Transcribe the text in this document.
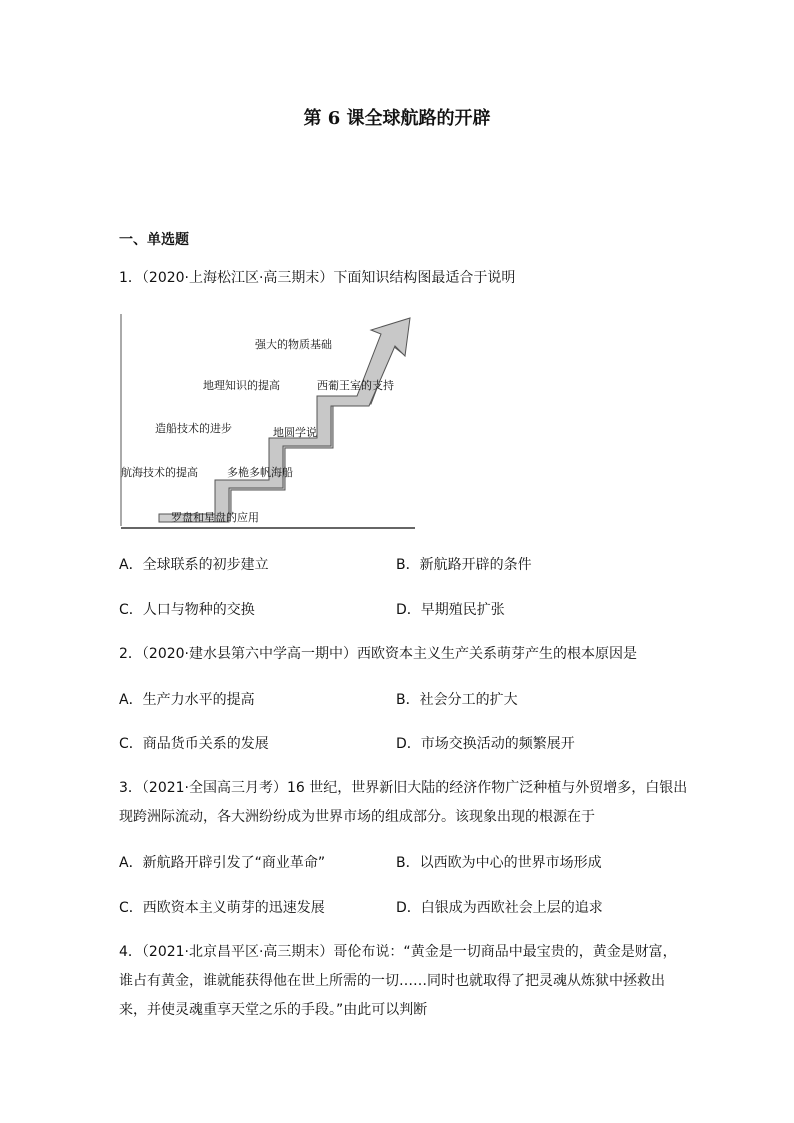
第 6 课全球航路的开辟
一、单选题
1．（2020·上海松江区·高三期末）下面知识结构图最适合于说明
罗盘和星盘的应用
航海技术的提高	多桅多帆海船
造船技术的进步	地圆学说
地理知识的提高	西葡王室的支持
强大的物质基础
A．全球联系的初步建立	B．新航路开辟的条件
C．人口与物种的交换	D．早期殖民扩张
2．（2020·建水县第六中学高一期中）西欧资本主义生产关系萌芽产生的根本原因是
A．生产力水平的提高	B．社会分工的扩大
C．商品货币关系的发展	D．市场交换活动的频繁展开
3．（2021·全国高三月考）16 世纪，世界新旧大陆的经济作物广泛种植与外贸增多，白银出现跨洲际流动，各大洲纷纷成为世界市场的组成部分。该现象出现的根源在于
A．新航路开辟引发了“商业革命”	B．以西欧为中心的世界市场形成
C．西欧资本主义萌芽的迅速发展	D．白银成为西欧社会上层的追求
4．（2021·北京昌平区·高三期末）哥伦布说：“黄金是一切商品中最宝贵的，黄金是财富，谁占有黄金，谁就能获得他在世上所需的一切……同时也就取得了把灵魂从炼狱中拯救出来，并使灵魂重享天堂之乐的手段。”由此可以判断
